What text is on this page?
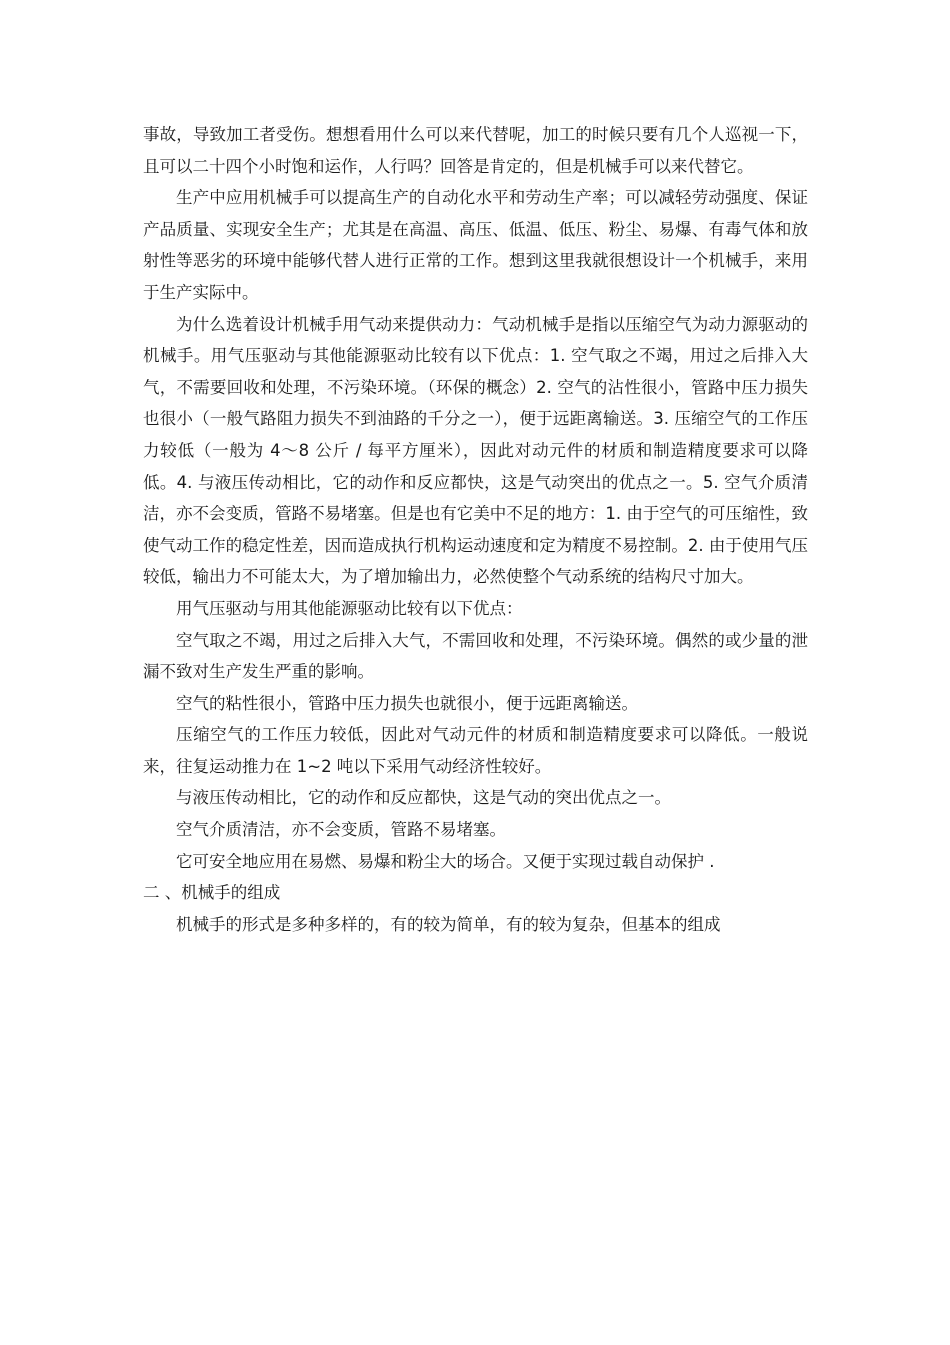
事故，导致加工者受伤。想想看用什么可以来代替呢，加工的时候只要有几个人巡视一下，且可以二十四个小时饱和运作，人行吗？回答是肯定的，但是机械手可以来代替它。

生产中应用机械手可以提高生产的自动化水平和劳动生产率；可以减轻劳动强度、保证产品质量、实现安全生产；尤其是在高温、高压、低温、低压、粉尘、易爆、有毒气体和放射性等恶劣的环境中能够代替人进行正常的工作。想到这里我就很想设计一个机械手，来用于生产实际中。

为什么选着设计机械手用气动来提供动力：气动机械手是指以压缩空气为动力源驱动的机械手。用气压驱动与其他能源驱动比较有以下优点：1. 空气取之不竭，用过之后排入大气，不需要回收和处理，不污染环境。（环保的概念）2. 空气的沾性很小，管路中压力损失也很小（一般气路阻力损失不到油路的千分之一），便于远距离输送。3. 压缩空气的工作压力较低（一般为 4～8 公斤 / 每平方厘米），因此对动元件的材质和制造精度要求可以降低。4. 与液压传动相比，它的动作和反应都快，这是气动突出的优点之一。5. 空气介质清洁，亦不会变质，管路不易堵塞。但是也有它美中不足的地方：1. 由于空气的可压缩性，致使气动工作的稳定性差，因而造成执行机构运动速度和定为精度不易控制。2. 由于使用气压较低，输出力不可能太大，为了增加输出力，必然使整个气动系统的结构尺寸加大。

用气压驱动与用其他能源驱动比较有以下优点：

空气取之不竭，用过之后排入大气，不需回收和处理，不污染环境。偶然的或少量的泄漏不致对生产发生严重的影响。

空气的粘性很小，管路中压力损失也就很小，便于远距离输送。

压缩空气的工作压力较低，因此对气动元件的材质和制造精度要求可以降低。一般说来，往复运动推力在 1~2 吨以下采用气动经济性较好。

与液压传动相比，它的动作和反应都快，这是气动的突出优点之一。

空气介质清洁，亦不会变质，管路不易堵塞。

它可安全地应用在易燃、易爆和粉尘大的场合。又便于实现过载自动保护 .

二 、机械手的组成

机械手的形式是多种多样的，有的较为简单，有的较为复杂，但基本的组成
